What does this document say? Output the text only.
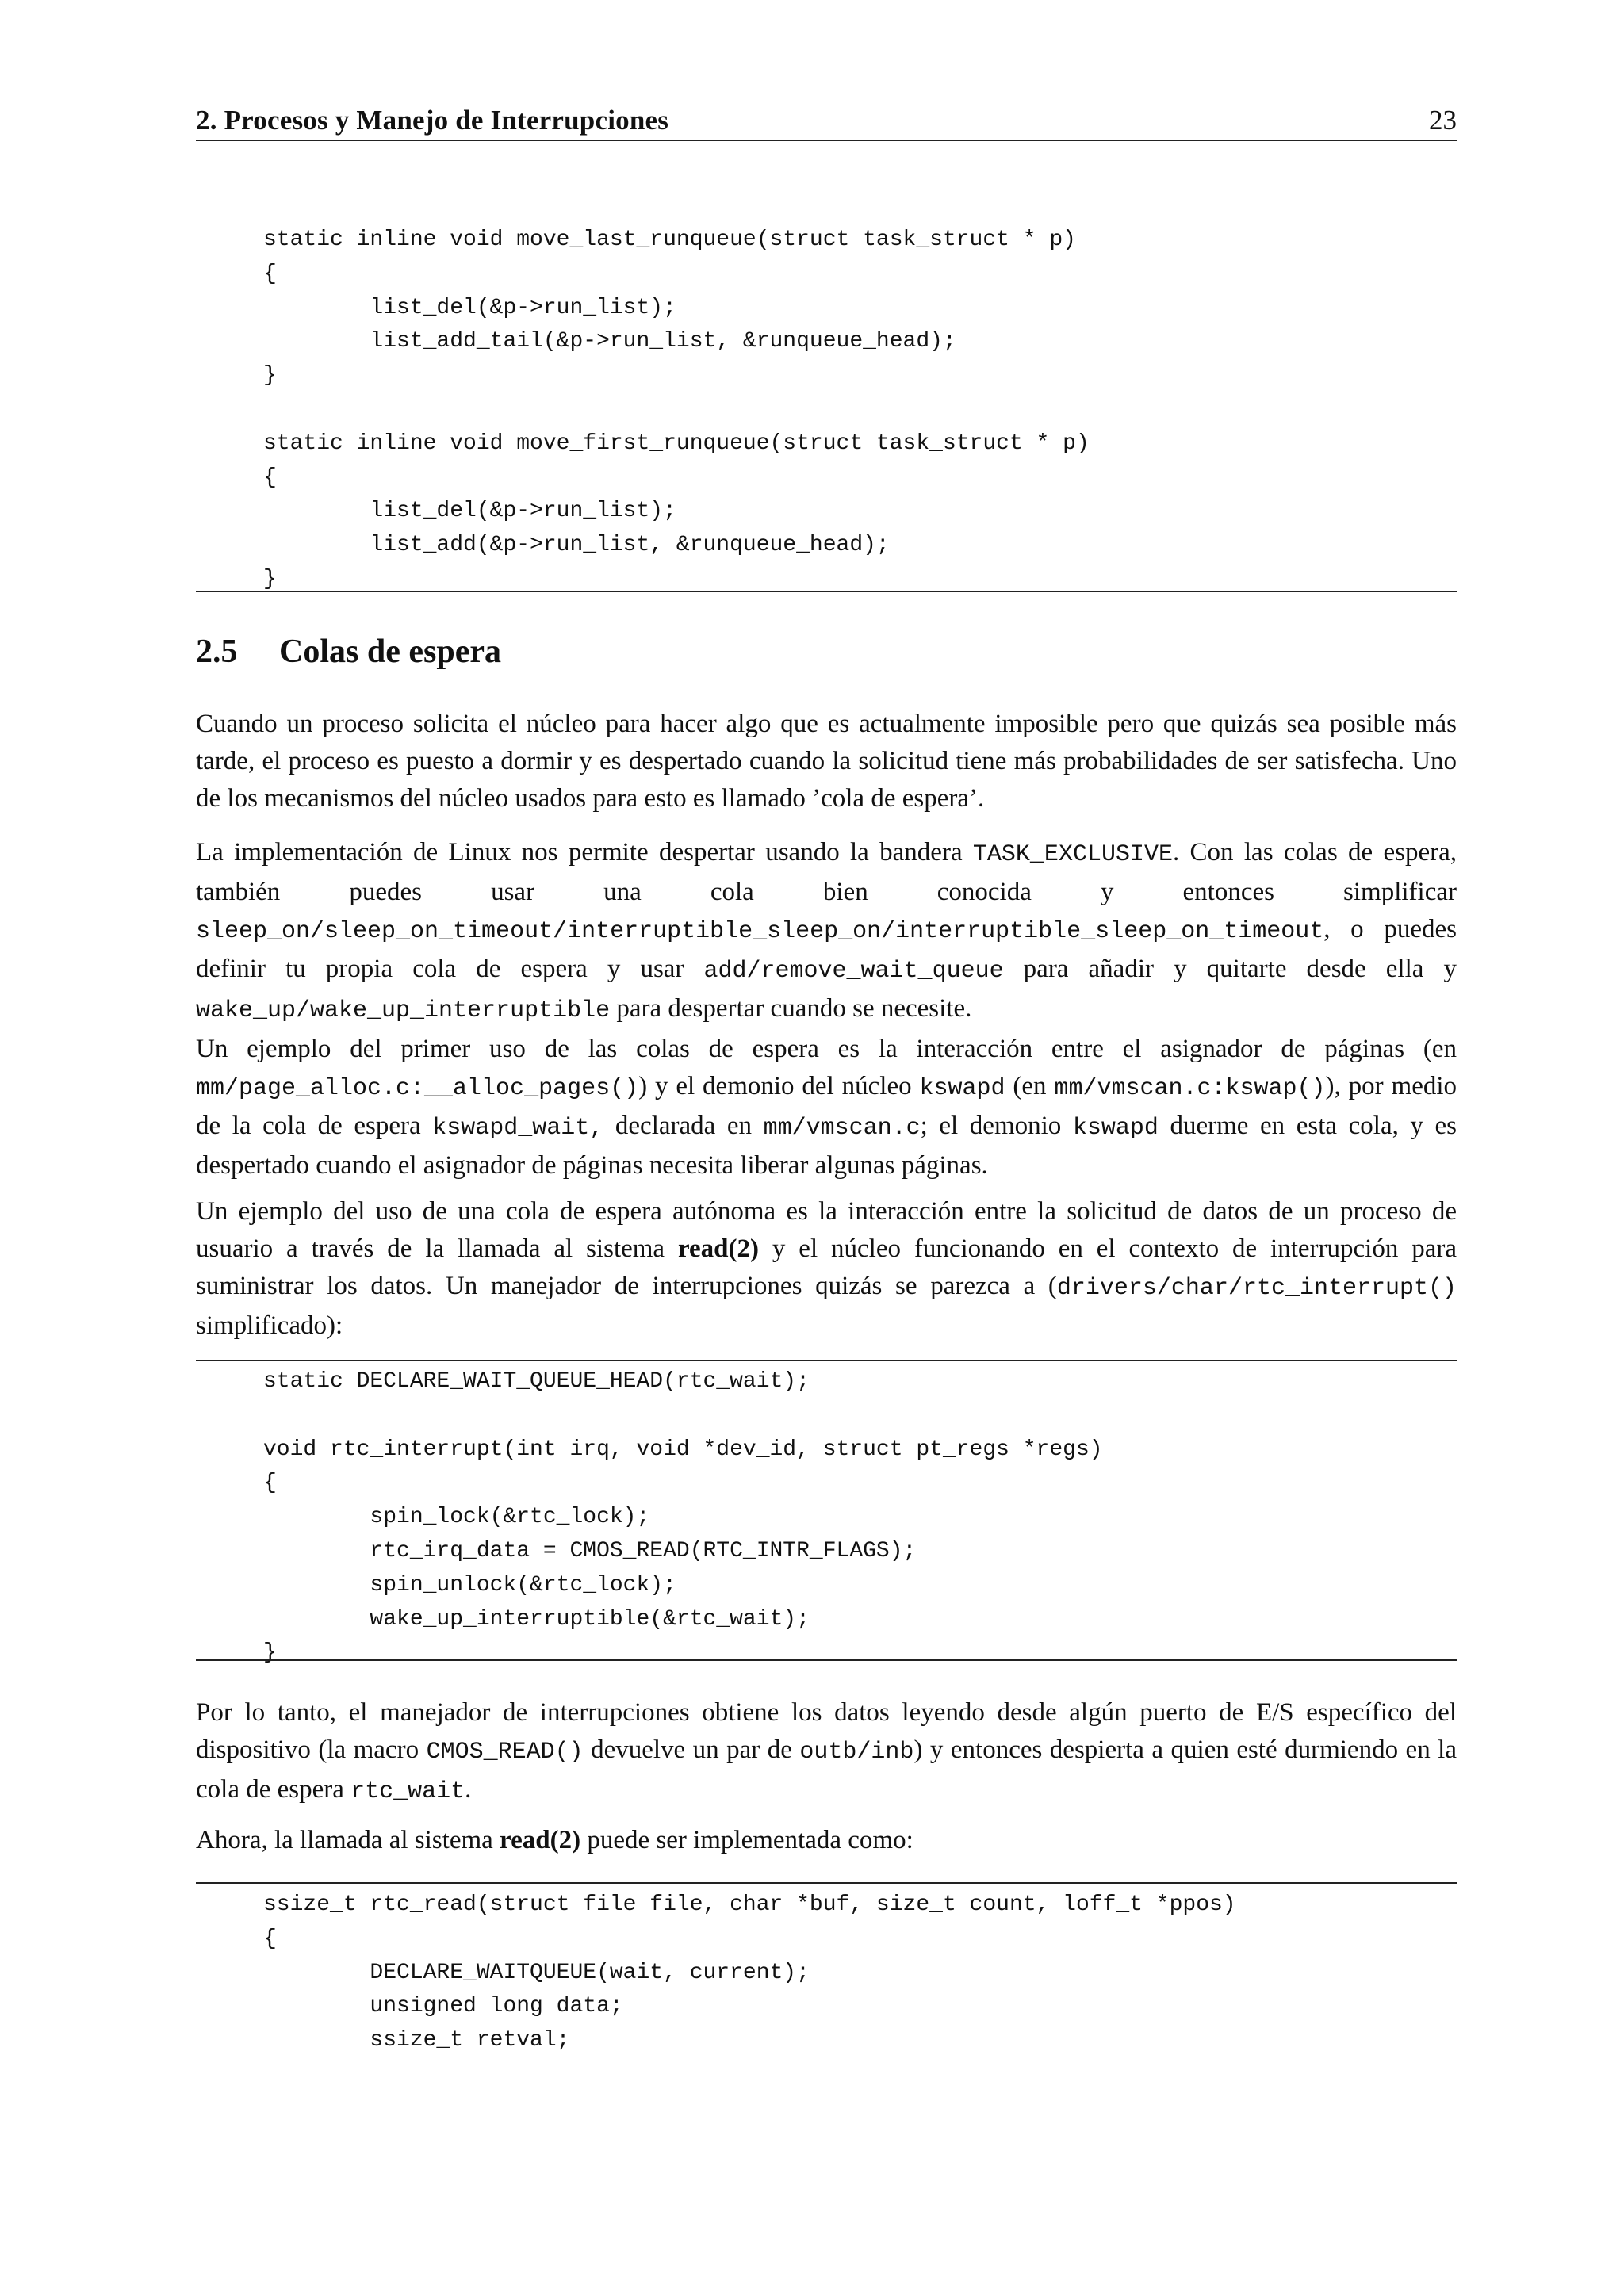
2. Procesos y Manejo de Interrupciones	23
static inline void move_last_runqueue(struct task_struct * p)
{
list_del(&p->run_list);
list_add_tail(&p->run_list, &runqueue_head);
}

static inline void move_first_runqueue(struct task_struct * p)
{
list_del(&p->run_list);
list_add(&p->run_list, &runqueue_head);
}
2.5 Colas de espera

Cuando un proceso solicita el núcleo para hacer algo que es actualmente imposible pero que quizás sea posible más tarde, el proceso es puesto a dormir y es despertado cuando la solicitud tiene más probabilidades de ser satisfecha. Uno de los mecanismos del núcleo usados para esto es llamado ’cola de espera’.

La implementación de Linux nos permite despertar usando la bandera TASK_EXCLUSIVE. Con las colas de espera, también puedes usar una cola bien conocida y entonces simplificar sleep_on/sleep_on_timeout/interruptible_sleep_on/interruptible_sleep_on_timeout, o puedes definir tu propia cola de espera y usar add/remove_wait_queue para añadir y quitarte desde ella y wake_up/wake_up_interruptible para despertar cuando se necesite.

Un ejemplo del primer uso de las colas de espera es la interacción entre el asignador de páginas (en mm/page_alloc.c:__alloc_pages()) y el demonio del núcleo kswapd (en mm/vmscan.c:kswap()), por medio de la cola de espera kswapd_wait, declarada en mm/vmscan.c; el demonio kswapd duerme en esta cola, y es despertado cuando el asignador de páginas necesita liberar algunas páginas.

Un ejemplo del uso de una cola de espera autónoma es la interacción entre la solicitud de datos de un proceso de usuario a través de la llamada al sistema read(2) y el núcleo funcionando en el contexto de interrupción para suministrar los datos. Un manejador de interrupciones quizás se parezca a (drivers/char/rtc_interrupt() simplificado):

static DECLARE_WAIT_QUEUE_HEAD(rtc_wait);

void rtc_interrupt(int irq, void *dev_id, struct pt_regs *regs)
{
spin_lock(&rtc_lock);
rtc_irq_data = CMOS_READ(RTC_INTR_FLAGS);
spin_unlock(&rtc_lock);
wake_up_interruptible(&rtc_wait);
}

Por lo tanto, el manejador de interrupciones obtiene los datos leyendo desde algún puerto de E/S específico del dispositivo (la macro CMOS_READ() devuelve un par de outb/inb) y entonces despierta a quien esté durmiendo en la cola de espera rtc_wait.

Ahora, la llamada al sistema read(2) puede ser implementada como:

ssize_t rtc_read(struct file file, char *buf, size_t count, loff_t *ppos)
{
DECLARE_WAITQUEUE(wait, current);
unsigned long data;
ssize_t retval;
